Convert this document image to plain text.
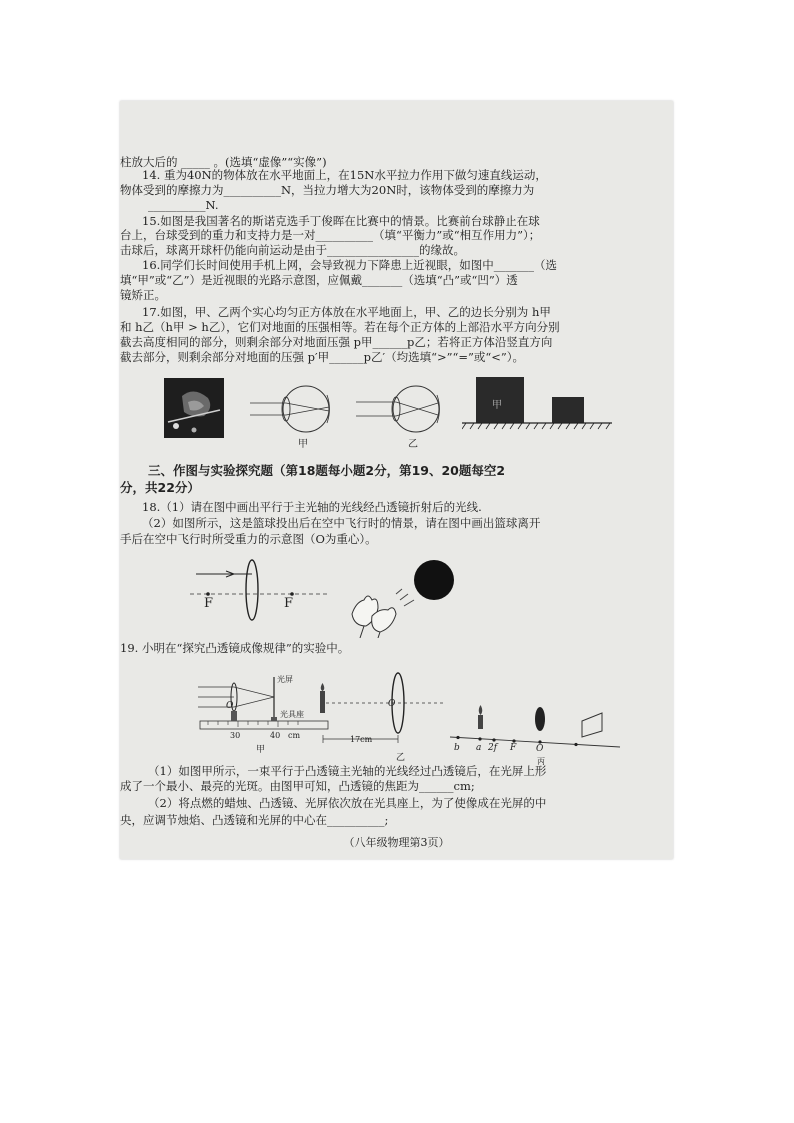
柱放大后的 _____ 。(选填“虚像”“实像”)
14. 重为40N的物体放在水平地面上，在15N水平拉力作用下做匀速直线运动，
物体受到的摩擦力为__________N，当拉力增大为20N时，该物体受到的摩擦力为
__________N.
15.如图是我国著名的斯诺克选手丁俊晖在比赛中的情景。比赛前台球静止在球
台上，台球受到的重力和支持力是一对__________（填“平衡力”或“相互作用力”）；
击球后，球离开球杆仍能向前运动是由于________________的缘故。
16.同学们长时间使用手机上网，会导致视力下降患上近视眼，如图中_______（选
填“甲”或“乙”）是近视眼的光路示意图，应佩戴_______（选填“凸”或“凹”）透
镜矫正。
17.如图，甲、乙两个实心均匀正方体放在水平地面上，甲、乙的边长分别为 h甲
和 h乙（h甲 > h乙），它们对地面的压强相等。若在每个正方体的上部沿水平方向分别
截去高度相同的部分，则剩余部分对地面压强 p甲______p乙；若将正方体沿竖直方向
截去部分，则剩余部分对地面的压强 p′甲______p乙′（均选填“>”“=”或“<”）。
甲	乙
甲
三、作图与实验探究题（第18题每小题2分，第19、20题每空2
分，共22分）
18.（1）请在图中画出平行于主光轴的光线经凸透镜折射后的光线.
（2）如图所示，这是篮球投出后在空中飞行时的情景，请在图中画出篮球离开
手后在空中飞行时所受重力的示意图（O为重心）。
F	F
19. 小明在“探究凸透镜成像规律”的实验中。
光屏
光具座
O
30	40 cm
甲
17cm
O
乙
b a 2f F O
丙
（1）如图甲所示，一束平行于凸透镜主光轴的光线经过凸透镜后，在光屏上形
成了一个最小、最亮的光斑。由图甲可知，凸透镜的焦距为______cm;
（2）将点燃的蜡烛、凸透镜、光屏依次放在光具座上，为了使像成在光屏的中
央，应调节烛焰、凸透镜和光屏的中心在__________;
（八年级物理第3页）
